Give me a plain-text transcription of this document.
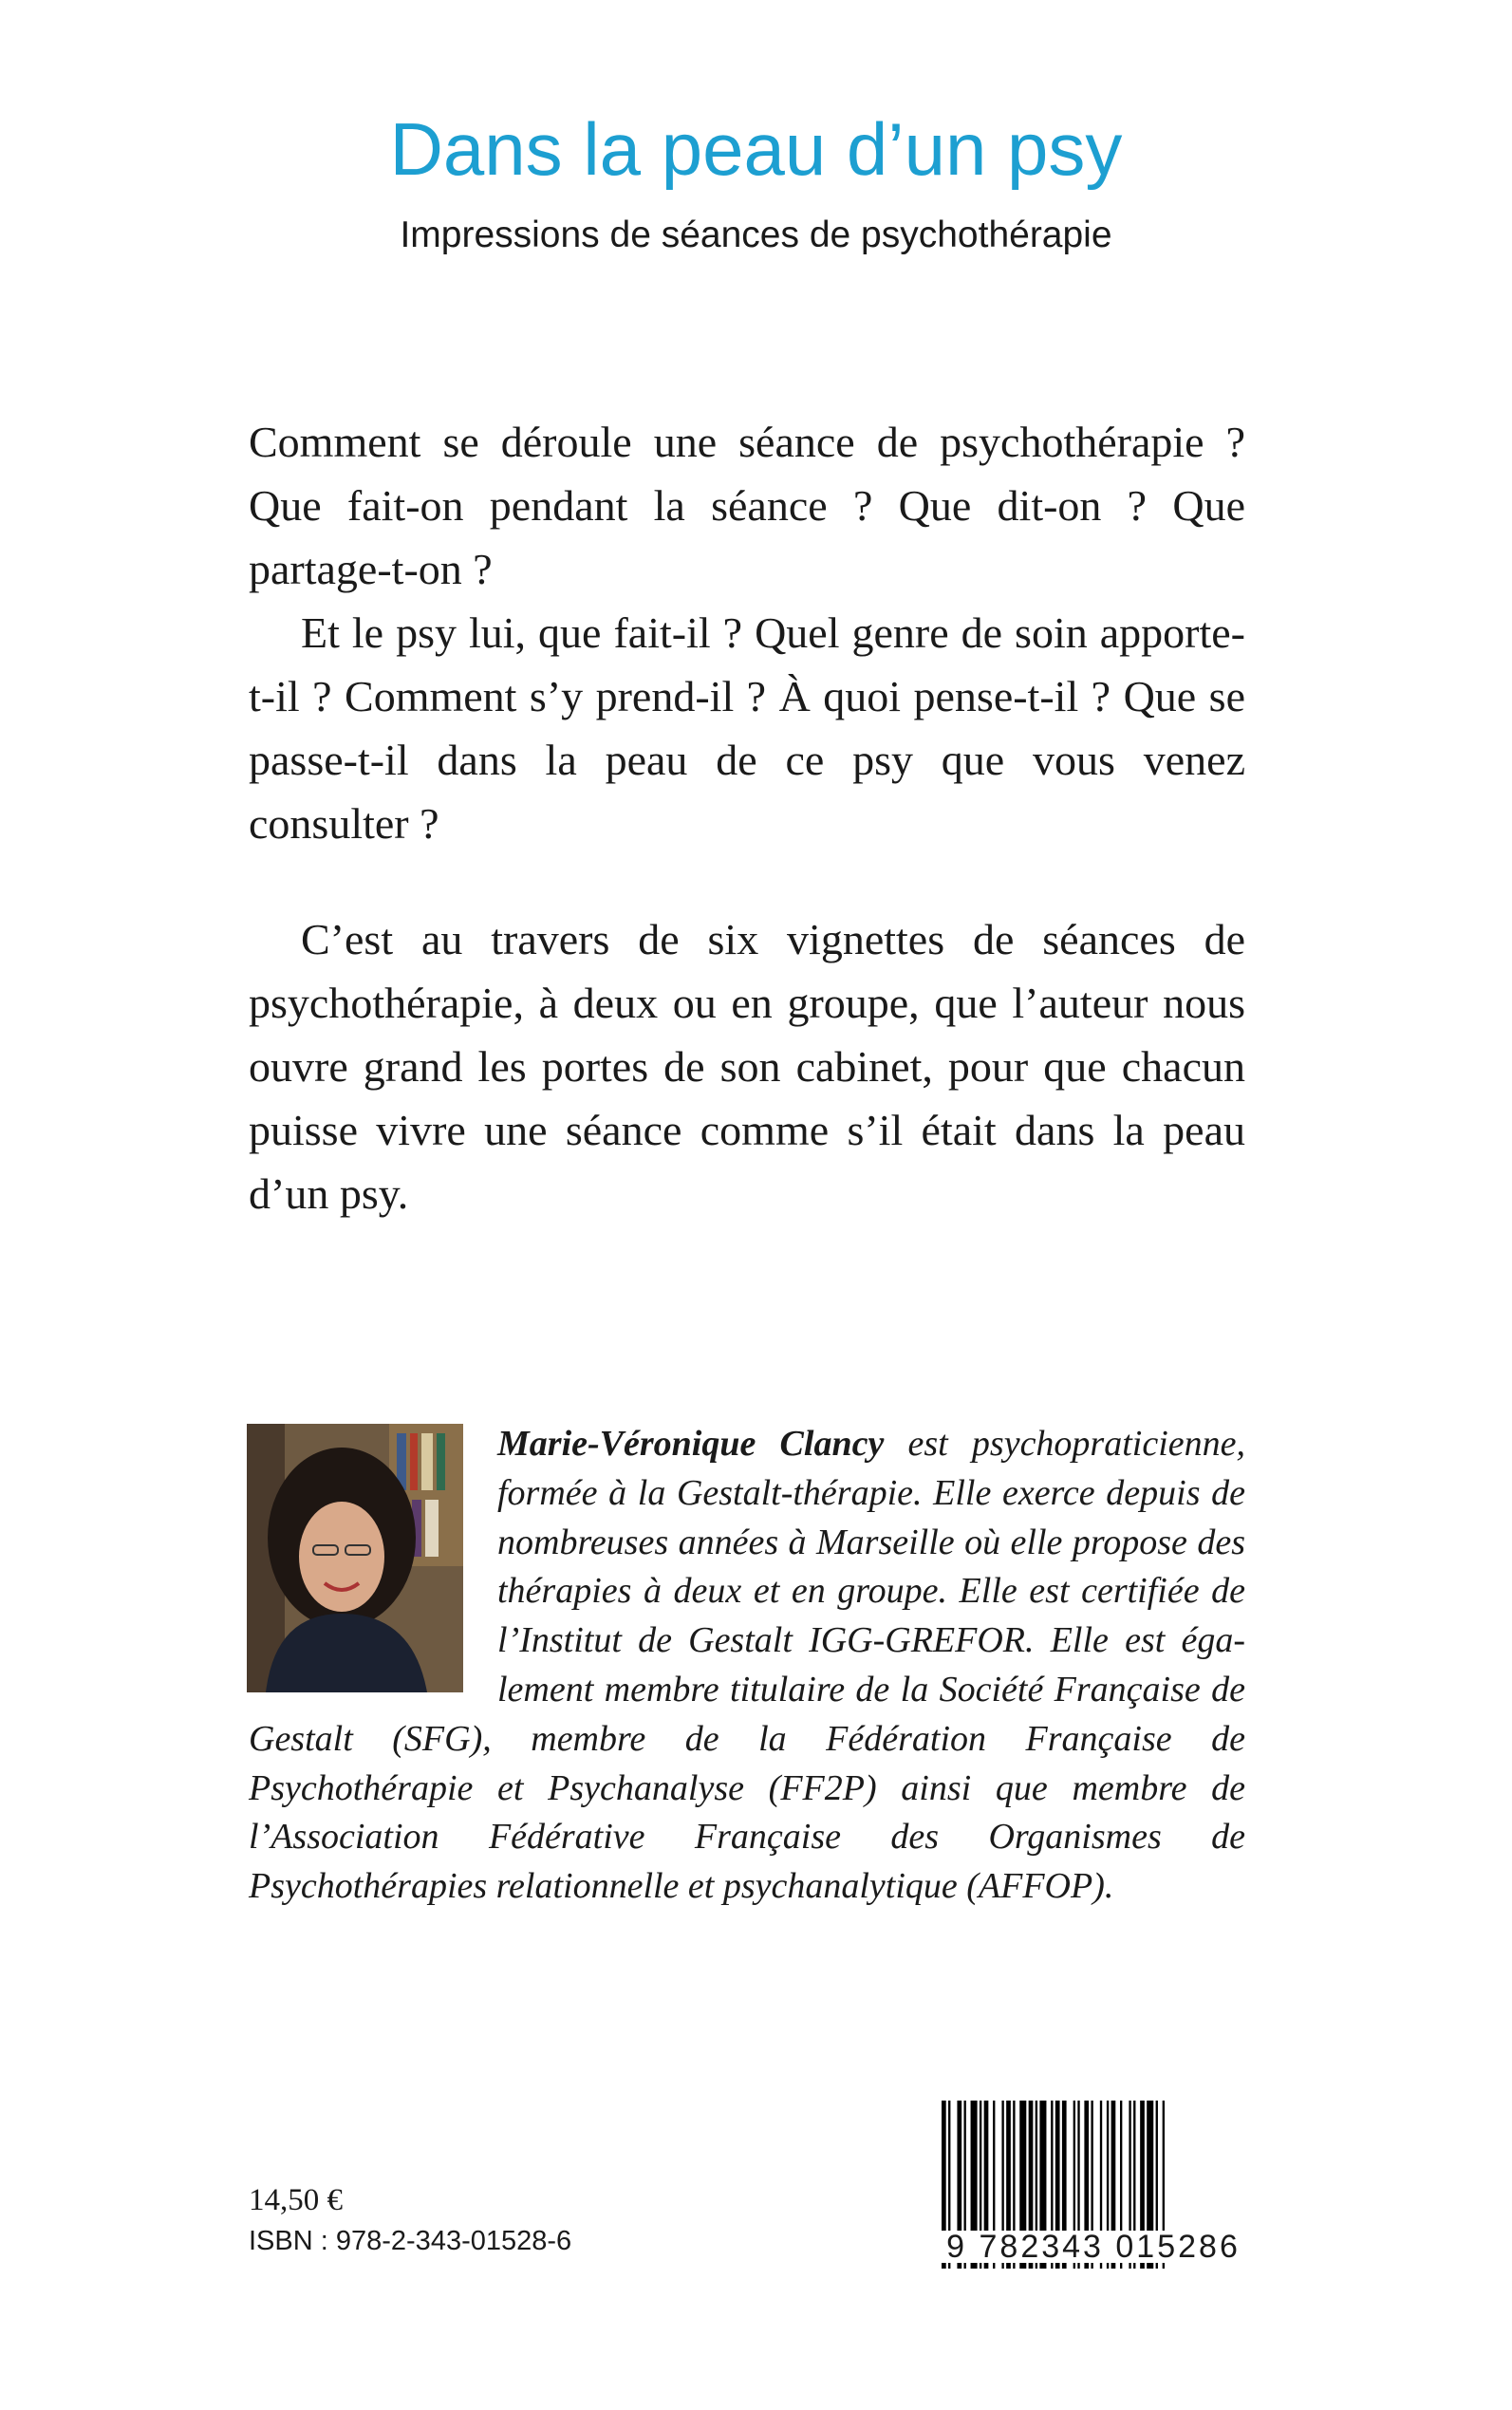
Dans la peau d’un psy
Impressions de séances de psychothérapie

Comment se déroule une séance de psychothérapie ? Que fait-on pendant la séance ? Que dit-on ? Que partage-t-on ?

Et le psy lui, que fait-il ? Quel genre de soin apporte-t-il ? Comment s’y prend-il ? À quoi pense-t-il ? Que se passe-t-il dans la peau de ce psy que vous venez consulter ?

C’est au travers de six vignettes de séances de psychothérapie, à deux ou en groupe, que l’auteur nous ouvre grand les portes de son cabinet, pour que chacun puisse vivre une séance comme s’il était dans la peau d’un psy.

Marie-Véronique Clancy est psychopraticienne, formée à la Gestalt-thérapie. Elle exerce depuis de nombreuses années à Marseille où elle propose des thérapies à deux et en groupe. Elle est certifiée de l’Institut de Gestalt IGG-GREFOR. Elle est également membre titulaire de la Société Française de Gestalt (SFG), membre de la Fédération Française de Psychothérapie et Psychanalyse (FF2P) ainsi que membre de l’Association Fédérative Française des Organismes de Psychothérapies relationnelle et psychanalytique (AFFOP).

14,50 €
ISBN : 978-2-343-01528-6	9 782343 015286
